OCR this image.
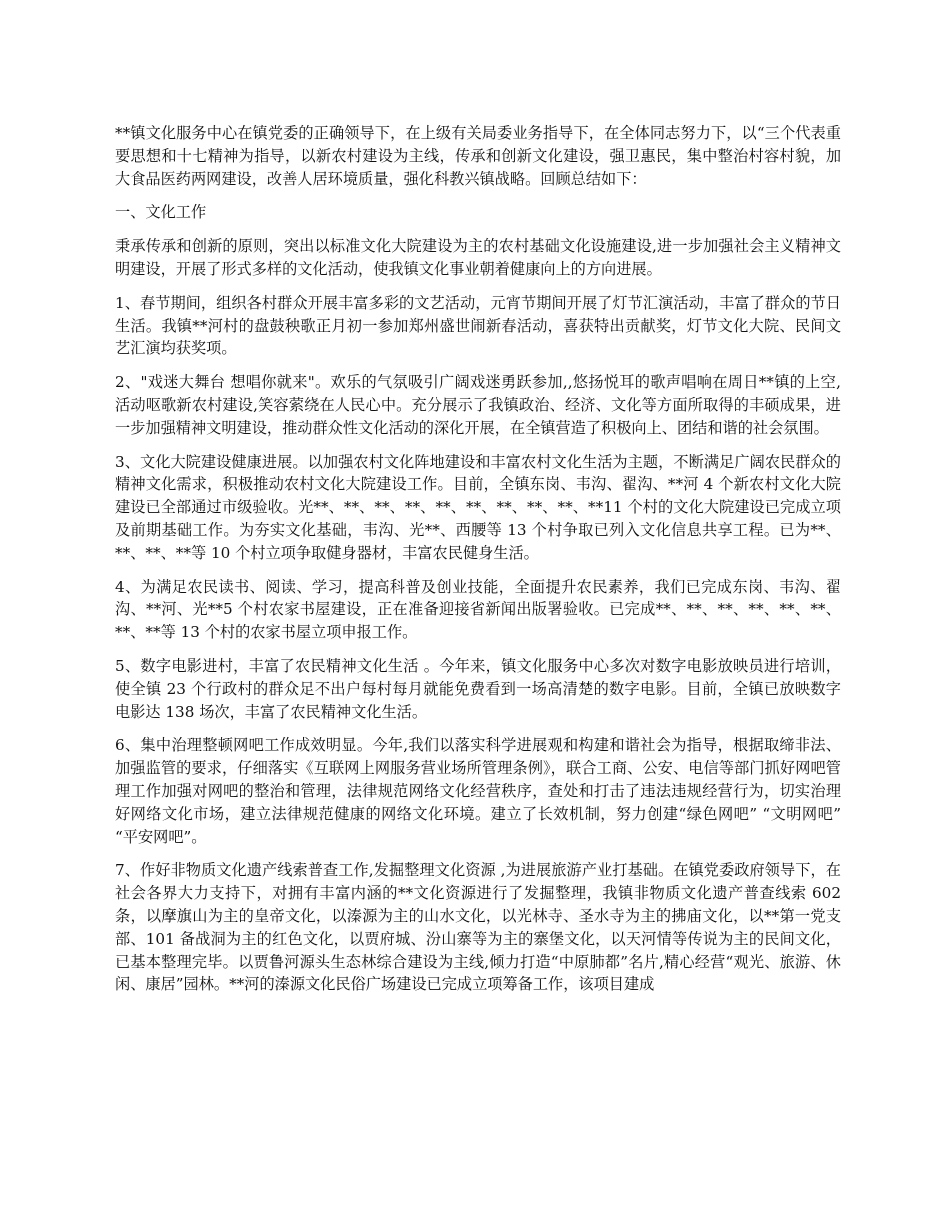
**镇文化服务中心在镇党委的正确领导下，在上级有关局委业务指导下，在全体同志努力下，以“三个代表重要思想和十七精神为指导，以新农村建设为主线，传承和创新文化建设，强卫惠民，集中整治村容村貌，加大食品医药两网建设，改善人居环境质量，强化科教兴镇战略。回顾总结如下：

一、文化工作

秉承传承和创新的原则，突出以标准文化大院建设为主的农村基础文化设施建设,进一步加强社会主义精神文明建设，开展了形式多样的文化活动，使我镇文化事业朝着健康向上的方向进展。

1、春节期间，组织各村群众开展丰富多彩的文艺活动，元宵节期间开展了灯节汇演活动，丰富了群众的节日生活。我镇**河村的盘鼓秧歌正月初一参加郑州盛世闹新春活动，喜获特出贡献奖，灯节文化大院、民间文艺汇演均获奖项。

2、"戏迷大舞台 想唱你就来"。欢乐的气氛吸引广阔戏迷勇跃参加,,悠扬悦耳的歌声唱响在周日**镇的上空,活动呕歌新农村建设,笑容萦绕在人民心中。充分展示了我镇政治、经济、文化等方面所取得的丰硕成果，进一步加强精神文明建设，推动群众性文化活动的深化开展，在全镇营造了积极向上、团结和谐的社会氛围。

3、文化大院建设健康进展。以加强农村文化阵地建设和丰富农村文化生活为主题，不断满足广阔农民群众的精神文化需求，积极推动农村文化大院建设工作。目前，全镇东岗、韦沟、翟沟、**河 4 个新农村文化大院建设已全部通过市级验收。光**、**、**、**、**、**、**、**、**、**11 个村的文化大院建设已完成立项及前期基础工作。为夯实文化基础，韦沟、光**、西腰等 13 个村争取已列入文化信息共享工程。已为**、**、**、**等 10 个村立项争取健身器材，丰富农民健身生活。

4、为满足农民读书、阅读、学习，提高科普及创业技能，全面提升农民素养，我们已完成东岗、韦沟、翟沟、**河、光**5 个村农家书屋建设，正在准备迎接省新闻出版署验收。已完成**、**、**、**、**、**、**、**等 13 个村的农家书屋立项申报工作。

5、数字电影进村，丰富了农民精神文化生活 。今年来，镇文化服务中心多次对数字电影放映员进行培训，使全镇 23 个行政村的群众足不出户每村每月就能免费看到一场高清楚的数字电影。目前，全镇已放映数字电影达 138 场次，丰富了农民精神文化生活。

6、集中治理整顿网吧工作成效明显。今年,我们以落实科学进展观和构建和谐社会为指导，根据取缔非法、加强监管的要求，仔细落实《互联网上网服务营业场所管理条例》，联合工商、公安、电信等部门抓好网吧管理工作加强对网吧的整治和管理，法律规范网络文化经营秩序，查处和打击了违法违规经营行为，切实治理好网络文化市场，建立法律规范健康的网络文化环境。建立了长效机制，努力创建“绿色网吧” “文明网吧” “平安网吧”。

7、作好非物质文化遗产线索普查工作,发掘整理文化资源 ,为进展旅游产业打基础。在镇党委政府领导下，在社会各界大力支持下，对拥有丰富内涵的**文化资源进行了发掘整理，我镇非物质文化遗产普查线索 602 条，以摩旗山为主的皇帝文化，以溱源为主的山水文化，以光林寺、圣水寺为主的拂庙文化，以**第一党支部、101 备战洞为主的红色文化，以贾府城、汾山寨等为主的寨堡文化，以天河情等传说为主的民间文化，已基本整理完毕。以贾鲁河源头生态林综合建设为主线,倾力打造“中原肺都”名片,精心经营“观光、旅游、休闲、康居”园林。**河的溱源文化民俗广场建设已完成立项筹备工作，该项目建成
